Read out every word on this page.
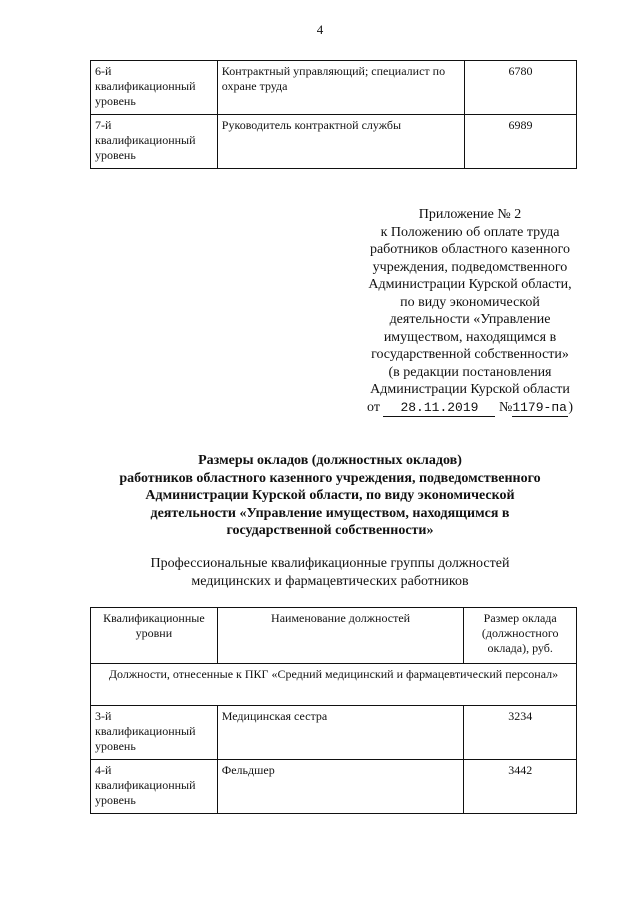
4
6-й квалификационный уровень	Контрактный управляющий; специалист по охране труда	6780
7-й квалификационный уровень	Руководитель контрактной службы	6989
Приложение № 2
к Положению об оплате труда
работников областного казенного
учреждения, подведомственного
Администрации Курской области,
по виду экономической
деятельности «Управление
имуществом, находящимся в
государственной собственности»
(в редакции постановления
Администрации Курской области
от 28.11.2019 №1179-па)
Размеры окладов (должностных окладов)
работников областного казенного учреждения, подведомственного
Администрации Курской области, по виду экономической
деятельности «Управление имуществом, находящимся в
государственной собственности»
Профессиональные квалификационные группы должностей
медицинских и фармацевтических работников
Квалификационные уровни	Наименование должностей	Размер оклада (должностного оклада), руб.
Должности, отнесенные к ПКГ «Средний медицинский и фармацевтический персонал»		
3-й квалификационный уровень	Медицинская сестра	3234
4-й квалификационный уровень	Фельдшер	3442
